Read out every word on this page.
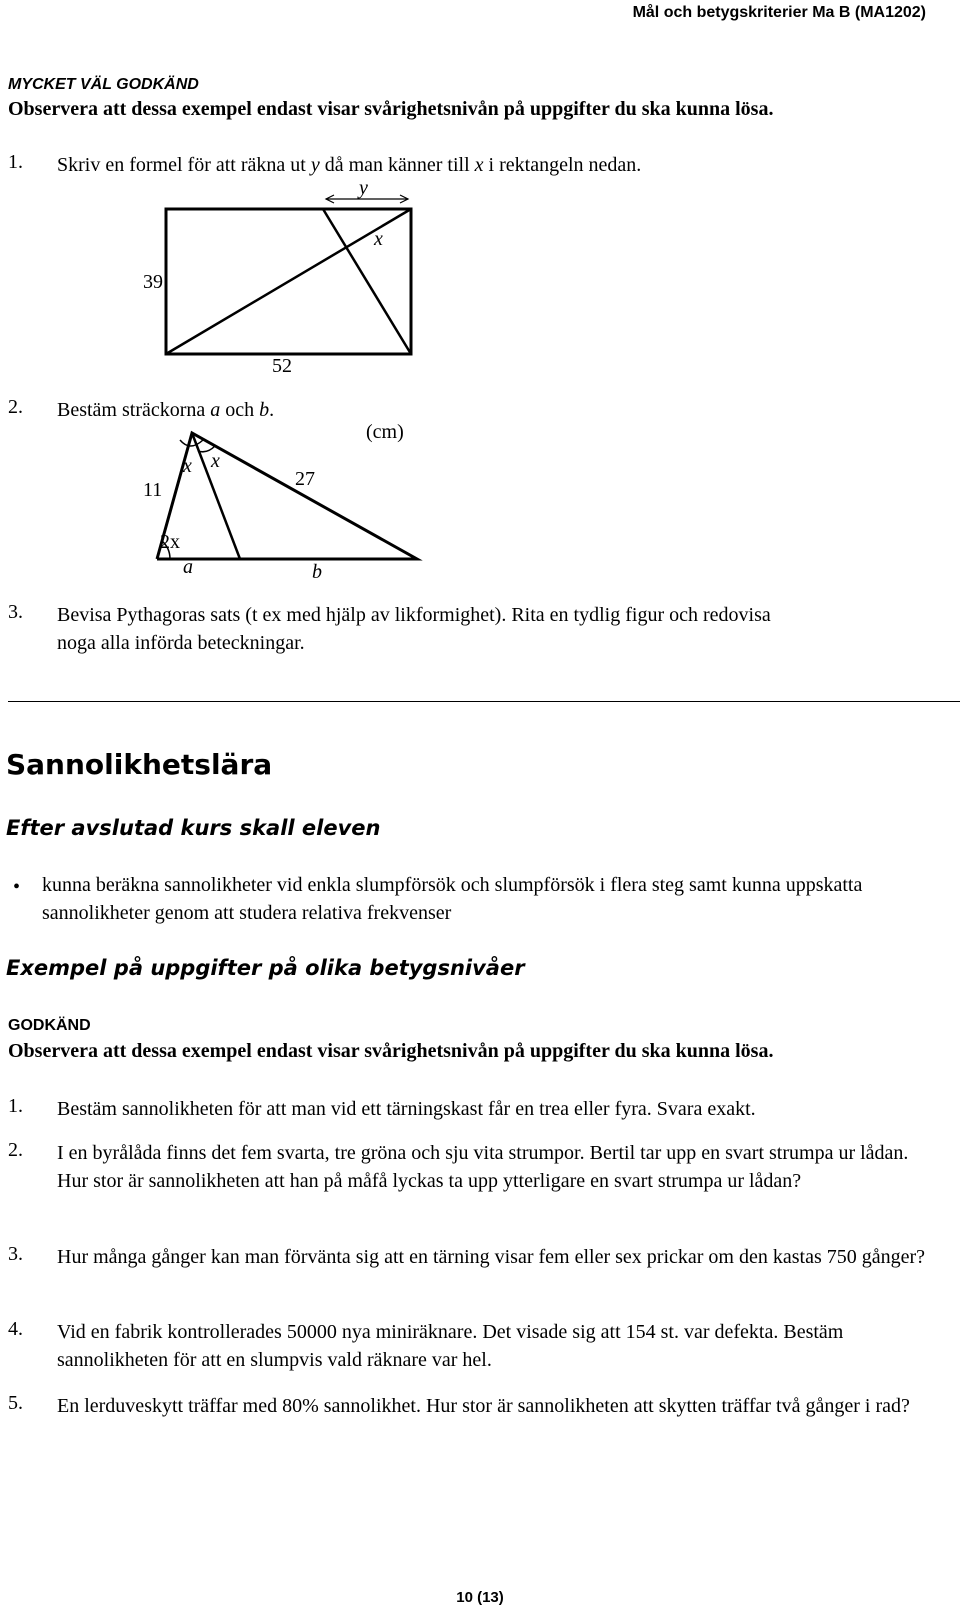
Mål och betygskriterier Ma B (MA1202)
MYCKET VÄL GODKÄND
Observera att dessa exempel endast visar svårighetsnivån på uppgifter du ska kunna lösa.
1. Skriv en formel för att räkna ut y då man känner till x i rektangeln nedan.
y
x
39
52
(cm)
x x
11	27
2x
a	b
2. Bestäm sträckorna a och b.
3. Bevisa Pythagoras sats (t ex med hjälp av likformighet). Rita en tydlig figur och redovisa
noga alla införda beteckningar.
Sannolikhetslära
Efter avslutad kurs skall eleven
• kunna beräkna sannolikheter vid enkla slumpförsök och slumpförsök i flera steg samt kunna uppskatta sannolikheter genom att studera relativa frekvenser
Exempel på uppgifter på olika betygsnivåer
GODKÄND
Observera att dessa exempel endast visar svårighetsnivån på uppgifter du ska kunna lösa.
1. Bestäm sannolikheten för att man vid ett tärningskast får en trea eller fyra. Svara exakt.
2. I en byrålåda finns det fem svarta, tre gröna och sju vita strumpor. Bertil tar upp en svart strumpa ur lådan. Hur stor är sannolikheten att han på måfå lyckas ta upp ytterligare en svart strumpa ur lådan?
3. Hur många gånger kan man förvänta sig att en tärning visar fem eller sex prickar om den kastas 750 gånger?
4. Vid en fabrik kontrollerades 50000 nya miniräknare. Det visade sig att 154 st. var defekta. Bestäm sannolikheten för att en slumpvis vald räknare var hel.
5. En lerduveskytt träffar med 80% sannolikhet. Hur stor är sannolikheten att skytten träffar två gånger i rad?
10 (13)
